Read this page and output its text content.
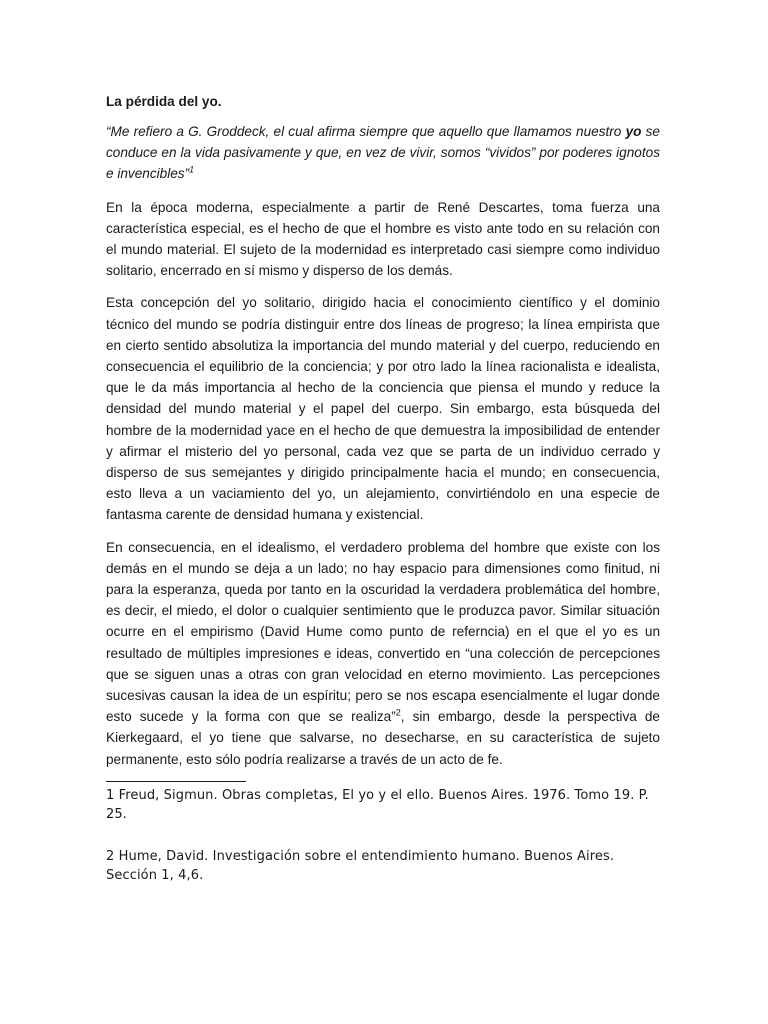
La pérdida del yo.

“Me refiero a G. Groddeck, el cual afirma siempre que aquello que llamamos nuestro yo se conduce en la vida pasivamente y que, en vez de vivir, somos “vividos” por poderes ignotos e invencibles”$^1$

En la época moderna, especialmente a partir de René Descartes, toma fuerza una característica especial, es el hecho de que el hombre es visto ante todo en su relación con el mundo material. El sujeto de la modernidad es interpretado casi siempre como individuo solitario, encerrado en sí mismo y disperso de los demás.

Esta concepción del yo solitario, dirigido hacia el conocimiento científico y el dominio técnico del mundo se podría distinguir entre dos líneas de progreso; la línea empirista que en cierto sentido absolutiza la importancia del mundo material y del cuerpo, reduciendo en consecuencia el equilibrio de la conciencia; y por otro lado la línea racionalista e idealista, que le da más importancia al hecho de la conciencia que piensa el mundo y reduce la densidad del mundo material y el papel del cuerpo. Sin embargo, esta búsqueda del hombre de la modernidad yace en el hecho de que demuestra la imposibilidad de entender y afirmar el misterio del yo personal, cada vez que se parta de un individuo cerrado y disperso de sus semejantes y dirigido principalmente hacia el mundo; en consecuencia, esto lleva a un vaciamiento del yo, un alejamiento, convirtiéndolo en una especie de fantasma carente de densidad humana y existencial.

En consecuencia, en el idealismo, el verdadero problema del hombre que existe con los demás en el mundo se deja a un lado; no hay espacio para dimensiones como finitud, ni para la esperanza, queda por tanto en la oscuridad la verdadera problemática del hombre, es decir, el miedo, el dolor o cualquier sentimiento que le produzca pavor. Similar situación ocurre en el empirismo (David Hume como punto de referncia) en el que el yo es un resultado de múltiples impresiones e ideas, convertido en “una colección de percepciones que se siguen unas a otras con gran velocidad en eterno movimiento. Las percepciones sucesivas causan la idea de un espíritu; pero se nos escapa esencialmente el lugar donde esto sucede y la forma con que se realiza”$^2$, sin embargo, desde la perspectiva de Kierkegaard, el yo tiene que salvarse, no desecharse, en su característica de sujeto permanente, esto sólo podría realizarse a través de un acto de fe.

1 Freud, Sigmun. Obras completas, El yo y el ello. Buenos Aires. 1976. Tomo 19. P. 25.

2 Hume, David. Investigación sobre el entendimiento humano. Buenos Aires. Sección 1, 4,6.
